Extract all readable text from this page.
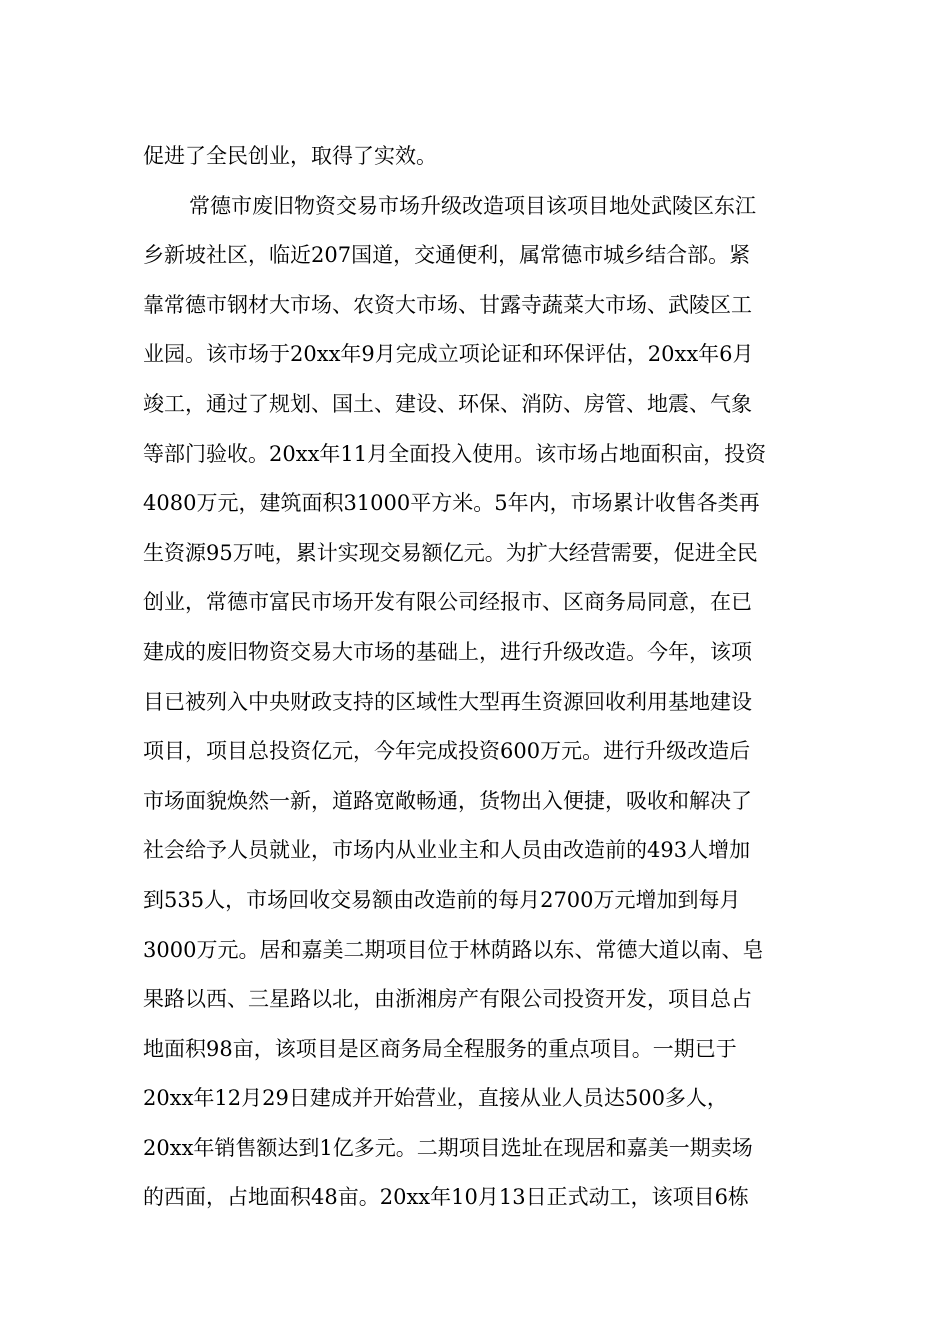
促进了全民创业，取得了实效。
常德市废旧物资交易市场升级改造项目该项目地处武陵区东江
乡新坡社区，临近207国道，交通便利，属常德市城乡结合部。紧
靠常德市钢材大市场、农资大市场、甘露寺蔬菜大市场、武陵区工
业园。该市场于20xx年9月完成立项论证和环保评估，20xx年6月
竣工，通过了规划、国土、建设、环保、消防、房管、地震、气象
等部门验收。20xx年11月全面投入使用。该市场占地面积亩，投资
4080万元，建筑面积31000平方米。5年内，市场累计收售各类再
生资源95万吨，累计实现交易额亿元。为扩大经营需要，促进全民
创业，常德市富民市场开发有限公司经报市、区商务局同意，在已
建成的废旧物资交易大市场的基础上，进行升级改造。今年，该项
目已被列入中央财政支持的区域性大型再生资源回收利用基地建设
项目，项目总投资亿元，今年完成投资600万元。进行升级改造后
市场面貌焕然一新，道路宽敞畅通，货物出入便捷，吸收和解决了
社会给予人员就业，市场内从业业主和人员由改造前的493人增加
到535人，市场回收交易额由改造前的每月2700万元增加到每月
3000万元。居和嘉美二期项目位于林荫路以东、常德大道以南、皂
果路以西、三星路以北，由浙湘房产有限公司投资开发，项目总占
地面积98亩，该项目是区商务局全程服务的重点项目。一期已于
20xx年12月29日建成并开始营业，直接从业人员达500多人，
20xx年销售额达到1亿多元。二期项目选址在现居和嘉美一期卖场
的西面，占地面积48亩。20xx年10月13日正式动工，该项目6栋
